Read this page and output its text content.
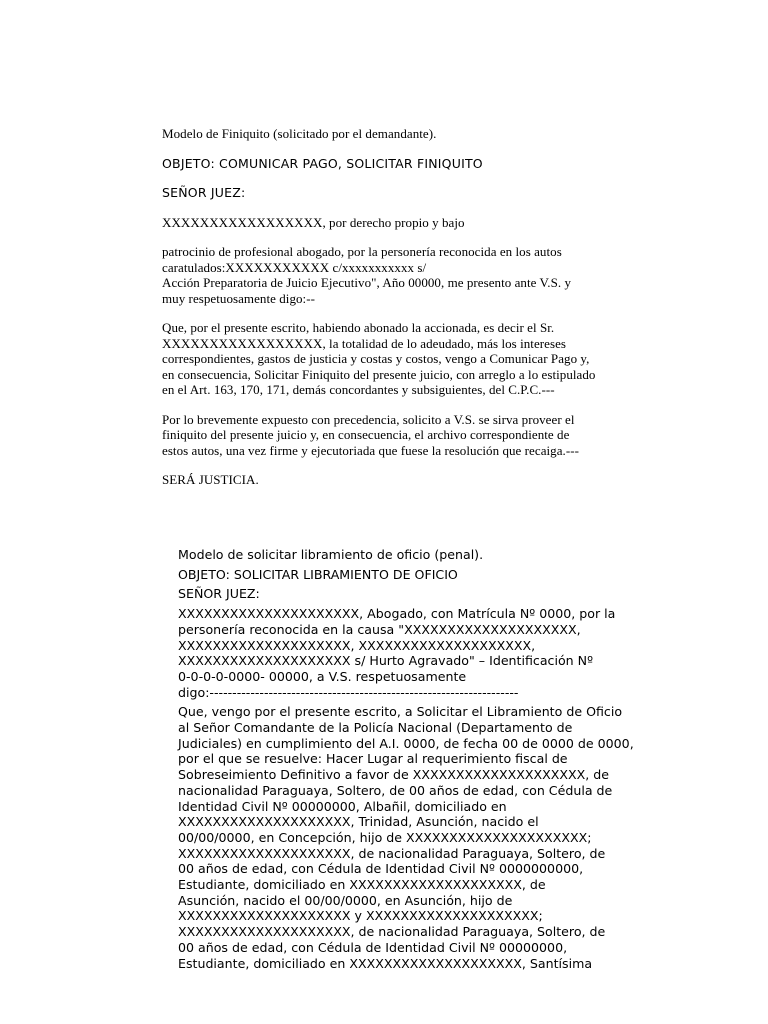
Modelo de Finiquito (solicitado por el demandante).

OBJETO: COMUNICAR PAGO, SOLICITAR FINIQUITO

SEÑOR JUEZ:

XXXXXXXXXXXXXXXXX, por derecho propio y bajo

patrocinio de profesional abogado, por la personería reconocida en los autos
caratulados:XXXXXXXXXXX c/xxxxxxxxxxx s/
Acción Preparatoria de Juicio Ejecutivo", Año 00000, me presento ante V.S. y
muy respetuosamente digo:--

Que, por el presente escrito, habiendo abonado la accionada, es decir el Sr.
XXXXXXXXXXXXXXXXX, la totalidad de lo adeudado, más los intereses
correspondientes, gastos de justicia y costas y costos, vengo a Comunicar Pago y,
en consecuencia, Solicitar Finiquito del presente juicio, con arreglo a lo estipulado
en el Art. 163, 170, 171, demás concordantes y subsiguientes, del C.P.C.---

Por lo brevemente expuesto con precedencia, solicito a V.S. se sirva proveer el
finiquito del presente juicio y, en consecuencia, el archivo correspondiente de
estos autos, una vez firme y ejecutoriada que fuese la resolución que recaiga.---

SERÁ JUSTICIA.

Modelo de solicitar libramiento de oficio (penal).

OBJETO: SOLICITAR LIBRAMIENTO DE OFICIO

SEÑOR JUEZ:

XXXXXXXXXXXXXXXXXXXXX, Abogado, con Matrícula Nº 0000, por la
personería reconocida en la causa "XXXXXXXXXXXXXXXXXXXX,
XXXXXXXXXXXXXXXXXXXX, XXXXXXXXXXXXXXXXXXXX,
XXXXXXXXXXXXXXXXXXXX s/ Hurto Agravado" – Identificación Nº
0-0-0-0-0000- 00000, a V.S. respetuosamente
digo:--------------------------------------------------------------------

Que, vengo por el presente escrito, a Solicitar el Libramiento de Oficio
al Señor Comandante de la Policía Nacional (Departamento de
Judiciales) en cumplimiento del A.I. 0000, de fecha 00 de 0000 de 0000,
por el que se resuelve: Hacer Lugar al requerimiento fiscal de
Sobreseimiento Definitivo a favor de XXXXXXXXXXXXXXXXXXXX, de
nacionalidad Paraguaya, Soltero, de 00 años de edad, con Cédula de
Identidad Civil Nº 00000000, Albañil, domiciliado en
XXXXXXXXXXXXXXXXXXXX, Trinidad, Asunción, nacido el
00/00/0000, en Concepción, hijo de XXXXXXXXXXXXXXXXXXXXX;
XXXXXXXXXXXXXXXXXXXX, de nacionalidad Paraguaya, Soltero, de
00 años de edad, con Cédula de Identidad Civil Nº 0000000000,
Estudiante, domiciliado en XXXXXXXXXXXXXXXXXXXX, de
Asunción, nacido el 00/00/0000, en Asunción, hijo de
XXXXXXXXXXXXXXXXXXXX y XXXXXXXXXXXXXXXXXXXX;
XXXXXXXXXXXXXXXXXXXX, de nacionalidad Paraguaya, Soltero, de
00 años de edad, con Cédula de Identidad Civil Nº 00000000,
Estudiante, domiciliado en XXXXXXXXXXXXXXXXXXXX, Santísima
